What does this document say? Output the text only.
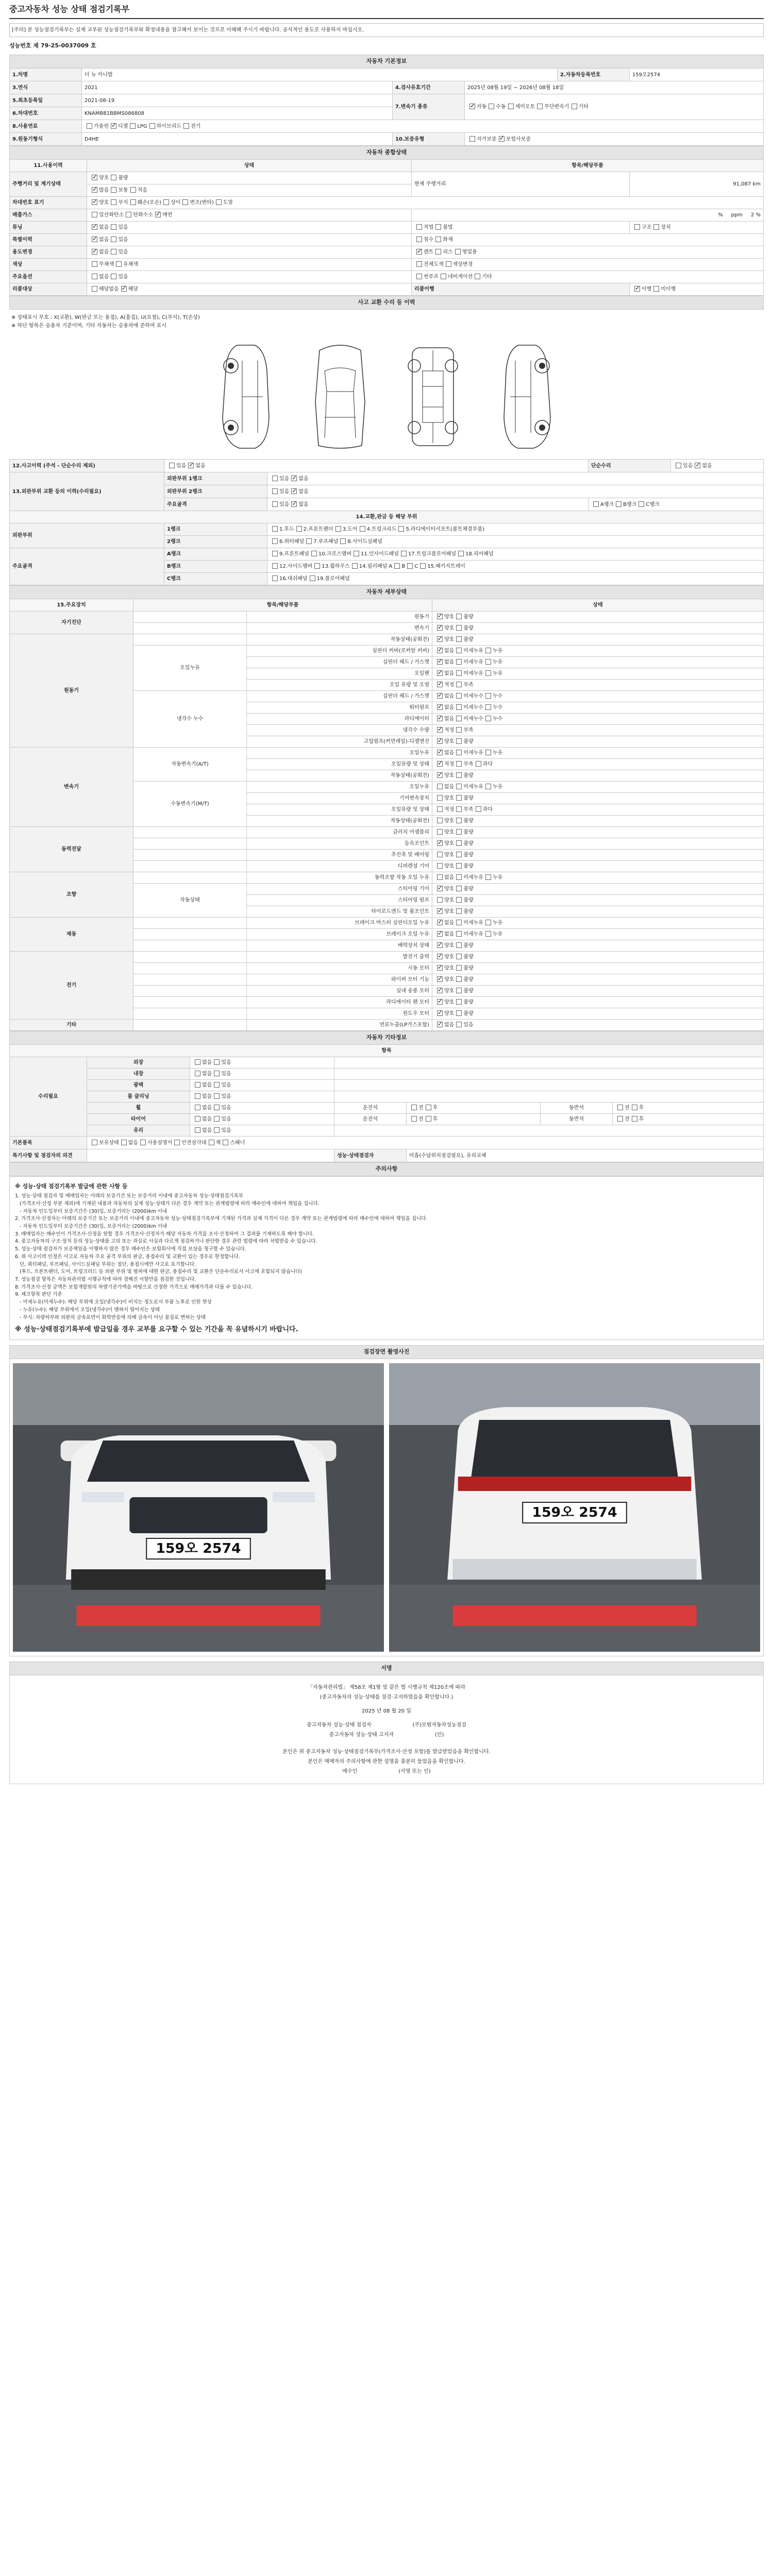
중고자동차 성능 상태 점검기록부
[주의] 본 성능점검기록부는 실제 교부된 성능점검기록부와 확정내용을 참고해서 보이는 것으로 이해해 주시기 바랍니다. 공식적인 용도로 사용하지 마십시오.
성능번호 제 79-25-0037009 호
자동차 기본정보					
1.차명	더 뉴 카니발			2.자동차등록번호	159오2574
3.연식	2021	4.검사유효기간	2025년 08월 19일 ~ 2026년 08월 18일		
5.최초등록일	2021-08-19	7.변속기 종류	✓자동 수동 세미오토 무단변속기 기타
6.차대번호	KNAMB81BBMS086808				
8.사용연료	가솔린 ✓ 디젤 LPG 하이브리드 전기
9.원동기형식	D4HE	10.보증유형	자가보증 ✓ 보험사보증
자동차 종합상태			
11.사용이력	상태	항목/해당부품	
주행거리 및 계기상태	✓양호 불량	현재 주행거리	91,087 km
✓많음 보통 적음
차대번호 표기	✓양호 부식 훼손(오손) 상이 변조(변타) 도말
배출가스	일산화탄소 탄화수소 ✓ 매연	% ppm 2 %	
튜닝	✓없음 있음	적법 불법	구조 장치
특별이력	✓없음 있음	침수 화재	
용도변경	✓없음 있음	✓렌트 리스 영업용
색상	무채색 유채색	전체도색 색상변경	
주요옵션	없음 있음	썬루프 네비게이션 기타	
리콜대상	해당없음 ✓ 해당	리콜이행	✓이행 미이행
사고 교환 수리 등 이력
※ 상태표시 부호 : X(교환), W(판금 또는 용접), A(흠집), U(요철), C(부식), T(손상)
※ 하단 항목은 승용차 기준이며, 기타 자동차는 승용차에 준하여 표시
12.사고이력 (주석 - 단순수리 제외)	있음 ✓ 없음		단순수리	있음 ✓ 없음
13.외판부위 교환 등의 이력(수리필요)	외판부위 1랭크	있음 ✓ 없음
	외판부위 2랭크	있음 ✓ 없음
	주요골격	있음 ✓ 없음	A랭크 B랭크 C랭크	
14.교환,판금 등 해당 부위				
외판부위	1랭크	1.후드 2.프론트펜더 3.도어 4.트렁크리드 5.라디에이터서포트(볼트체결부품)		
	2랭크	6.쿼터패널 7.루프패널 8.사이드실패널		
주요골격	A랭크	9.프론트패널 10.크로스멤버 11.인사이드패널 17.트렁크플로어패널 18.리어패널		
	B랭크	12.사이드멤버 13.휠하우스 14.필러패널 A B C 15.패키지트레이		
	C랭크	16.대쉬패널 19.플로어패널		
자동차 세부상태			
15.주요장치	항목/해당부품		상태
자기진단		원동기	✓양호 불량
		변속기	✓양호 불량
원동기		작동상태(공회전)	✓양호 불량
	오일누유	실린더 커버(로커암 커버)	✓없음 미세누유 누유
		실린더 헤드 / 가스켓	✓없음 미세누유 누유
		오일팬	✓없음 미세누유 누유
		오일 유량 및 오염	✓적정 부족
	냉각수 누수	실린더 헤드 / 가스켓	✓없음 미세누수 누수
		워터펌프	✓없음 미세누수 누수
		라디에이터	✓없음 미세누수 누수
		냉각수 수량	✓적정 부족
		고압펌프(커먼레일)-디젤엔진	✓양호 불량
변속기	자동변속기(A/T)	오일누유	✓없음 미세누유 누유
		오일유량 및 상태	✓적정 부족 과다
		작동상태(공회전)	✓양호 불량
	수동변속기(M/T)	오일누유	없음 미세누유 누유
		기어변속장치	양호 불량
		오일유량 및 상태	적정 부족 과다
		작동상태(공회전)	양호 불량
동력전달		클러치 어셈블리	양호 불량
		등속조인트	✓양호 불량
		추진축 및 베어링	양호 불량
		디퍼렌셜 기어	양호 불량
조향		동력조향 작동 오일 누유	없음 미세누유 누유
	작동상태	스티어링 기어	✓양호 불량
		스티어링 펌프	양호 불량
		타이로드엔드 및 볼조인트	✓양호 불량
제동		브레이크 마스터 실린더오일 누유	✓없음 미세누유 누유
		브레이크 오일 누유	✓없음 미세누유 누유
		배력장치 상태	✓양호 불량
전기		발전기 출력	✓양호 불량
		시동 모터	✓양호 불량
		와이퍼 모터 기능	✓양호 불량
		실내 송풍 모터	✓양호 불량
		라디에이터 팬 모터	✓양호 불량
		윈도우 모터	✓양호 불량
기타		연료누출(LP가스포함)	✓없음 있음
자동차 기타정보						
항목						
수리필요	외장	없음 있음				
	내장	없음 있음				
	광택	없음 있음				
	룸 클리닝	없음 있음				
	휠	없음 있음	운전석	전 후	동반석	전 후
	타이어	없음 있음	운전석	전 후	동반석	전 후
	유리	없음 있음				
기본품목	보유상태 없음 사용설명서 안전삼각대 잭 스패너					
특기사항 및 점검자의 의견			성능·상태점검자	미흡(수납위치점검필요), 유리교체		
주의사항
※ 성능·상태 점검기록부 발급에 관한 사항 등
1. 성능·상태 점검자 및 매매업자는 아래의 보증기간 또는 보증거리 이내에 중고자동차 성능·상태점검기록부
(가격조사·산정 부분 제외)에 기재된 내용과 자동차의 실제 성능·상태가 다른 경우 계약 또는 관계법령에 따라 매수인에 대하여 책임을 집니다.
- 자동차 인도일부터 보증기간은 (30)일, 보증거리는 (2000)km 이내
2. 가격조사·산정자는 아래의 보증기간 또는 보증거리 이내에 중고자동차 성능·상태점검기록부에 기재된 가격과 실제 가격이 다른 경우 계약 또는 관계법령에 따라 매수인에 대하여 책임을 집니다.
- 자동차 인도일부터 보증기간은 (30)일, 보증거리는 (2000)km 이내
3. 매매업자는 매수인이 가격조사·산정을 원할 경우 가격조사·산정자가 해당 자동차 가격을 조사·산정하여 그 결과를 기재하도록 해야 합니다.
4. 중고자동차의 구조·장치 등의 성능·상태를 고의 또는 과실로 사실과 다르게 점검하거나 판단한 경우 관련 법령에 따라 처벌받을 수 있습니다.
5. 성능·상태 점검자가 보증책임을 이행하지 않은 경우 매수인은 보험회사에 직접 보상을 청구할 수 있습니다.
6. 위 사고이력 인정은 사고로 자동차 주요 골격 부위의 판금, 용접수리 및 교환이 있는 경우로 한정합니다.
단, 쿼터패널, 루프패널, 사이드실패널 부위는 절단, 용접시에만 사고로 표기합니다.
(후드, 프론트펜더, 도어, 트렁크리드 등 외판 부위 및 범퍼에 대한 판금, 용접수리 및 교환은 단순수리로서 사고에 포함되지 않습니다)
7. 성능점검 항목은 자동차관리법 시행규칙에 따라 정해진 사항만을 점검한 것입니다.
8. 가격조사·산정 금액은 보험개발원의 차량기준가액을 바탕으로 산정한 가격으로 매매가격과 다를 수 있습니다.
9. 체크항목 판단 기준
- 미세누유(미세누수): 해당 부위에 오일(냉각수)이 비치는 정도로서 부품 노후로 인한 현상
- 누유(누수): 해당 부위에서 오일(냉각수)이 맺혀서 떨어지는 상태
- 부식: 차량하부와 외판의 금속표면이 화학반응에 의해 금속이 아닌 물질로 변하는 상태
※ 성능·상태점검기록부에 발급일을 경우 교부를 요구할 수 있는 기간을 꼭 유념하시기 바랍니다.
점검장면 촬영사진
159오 2574
159오 2574
서명
「자동차관리법」 제58조 제1항 및 같은 법 시행규칙 제120조에 따라
(중고자동차의 성능·상태를 점검·고지하였음을 확인합니다.)
2025 년 08 월 20 일
중고자동차 성능·상태 점검자	(주)모범자동차성능점검
중고자동차 성능·상태 고지자	(인)
본인은 위 중고자동차 성능·상태점검기록부(가격조사·산정 포함)를 발급받았음을 확인합니다.
본인은 매매자의 주의사항에 관한 설명을 충분히 들었음을 확인합니다.
매수인	(서명 또는 인)
